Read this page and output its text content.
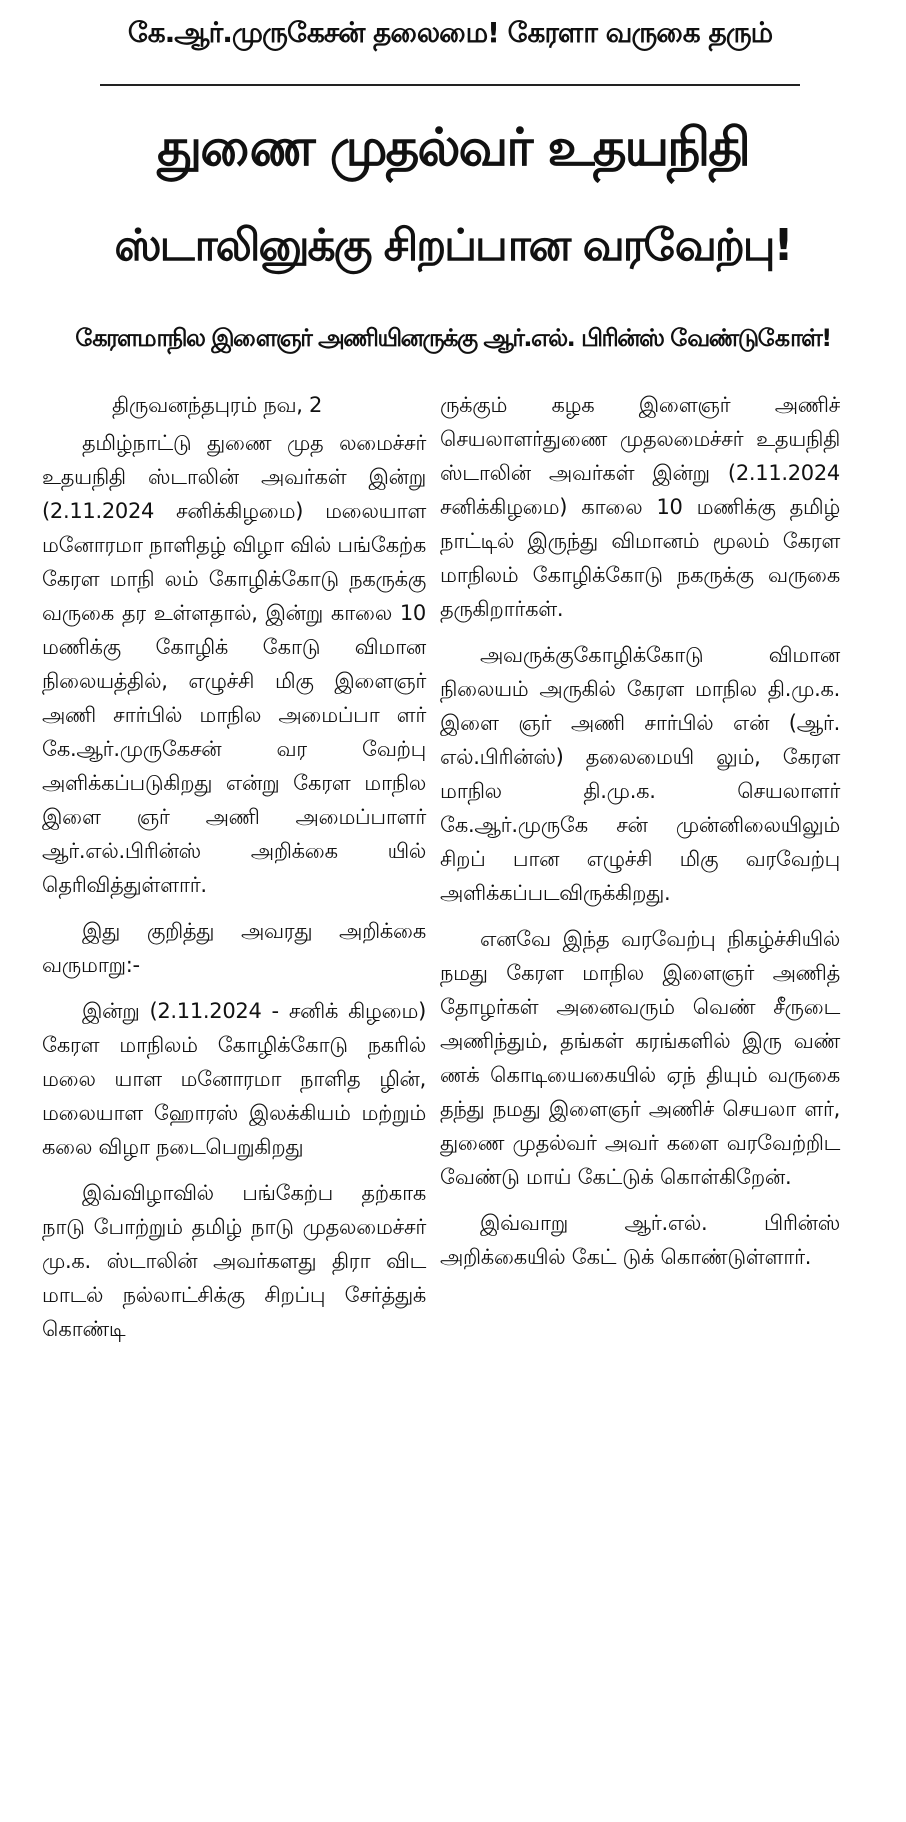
கே.ஆர்.முருகேசன் தலைமை! கேரளா வருகை தரும்
துணை முதல்வர் உதயநிதி
ஸ்டாலினுக்கு சிறப்பான வரவேற்பு!
கேரளமாநில இளைஞர் அணியினருக்கு ஆர்.எல். பிரின்ஸ் வேண்டுகோள்!

திருவனந்தபுரம் நவ, 2

தமிழ்நாட்டு துணை முத லமைச்சர் உதயநிதி ஸ்டாலின் அவர்கள் இன்று (2.11.2024 சனிக்கிழமை) மலையாள மனோரமா நாளிதழ் விழா வில் பங்கேற்க கேரள மாநி லம் கோழிக்கோடு நகருக்கு வருகை தர உள்ளதால், இன்று காலை 10 மணிக்கு கோழிக் கோடு விமான நிலையத்தில், எழுச்சி மிகு இளைஞர் அணி சார்பில் மாநில அமைப்பா ளர் கே.ஆர்.முருகேசன் வர வேற்பு அளிக்கப்படுகிறது என்று கேரள மாநில இளை ஞர் அணி அமைப்பாளர் ஆர்.எல்.பிரின்ஸ் அறிக்கை யில் தெரிவித்துள்ளார்.

இது குறித்து அவரது அறிக்கை வருமாறு:-

இன்று (2.11.2024 - சனிக் கிழமை) கேரள மாநிலம் கோழிக்கோடு நகரில் மலை யாள மனோரமா நாளித ழின், மலையாள ஹோரஸ் இலக்கியம் மற்றும் கலை விழா நடைபெறுகிறது

இவ்விழாவில் பங்கேற்ப தற்காக நாடு போற்றும் தமிழ் நாடு முதலமைச்சர் மு.க. ஸ்டாலின் அவர்களது திரா விட மாடல் நல்லாட்சிக்கு சிறப்பு சேர்த்துக் கொண்டி

ருக்கும் கழக இளைஞர் அணிச் செயலாளர்துணை முதலமைச்சர் உதயநிதி ஸ்டாலின் அவர்கள் இன்று (2.11.2024 சனிக்கிழமை) காலை 10 மணிக்கு தமிழ் நாட்டில் இருந்து விமானம் மூலம் கேரள மாநிலம் கோழிக்கோடு நகருக்கு வருகை தருகிறார்கள்.

அவருக்குகோழிக்கோடு விமான நிலையம் அருகில் கேரள மாநில தி.மு.க. இளை ஞர் அணி சார்பில் என் (ஆர். எல்.பிரின்ஸ்) தலைமையி லும், கேரள மாநில தி.மு.க. செயலாளர் கே.ஆர்.முருகே சன் முன்னிலையிலும் சிறப் பான எழுச்சி மிகு வரவேற்பு அளிக்கப்படவிருக்கிறது.

எனவே இந்த வரவேற்பு நிகழ்ச்சியில் நமது கேரள மாநில இளைஞர் அணித் தோழர்கள் அனைவரும் வெண் சீருடை அணிந்தும், தங்கள் கரங்களில் இரு வண் ணக் கொடியைகையில் ஏந் தியும் வருகை தந்து நமது இளைஞர் அணிச் செயலா ளர், துணை முதல்வர் அவர் களை வரவேற்றிட வேண்டு மாய் கேட்டுக் கொள்கிறேன்.

இவ்வாறு ஆர்.எல். பிரின்ஸ் அறிக்கையில் கேட் டுக் கொண்டுள்ளார்.
